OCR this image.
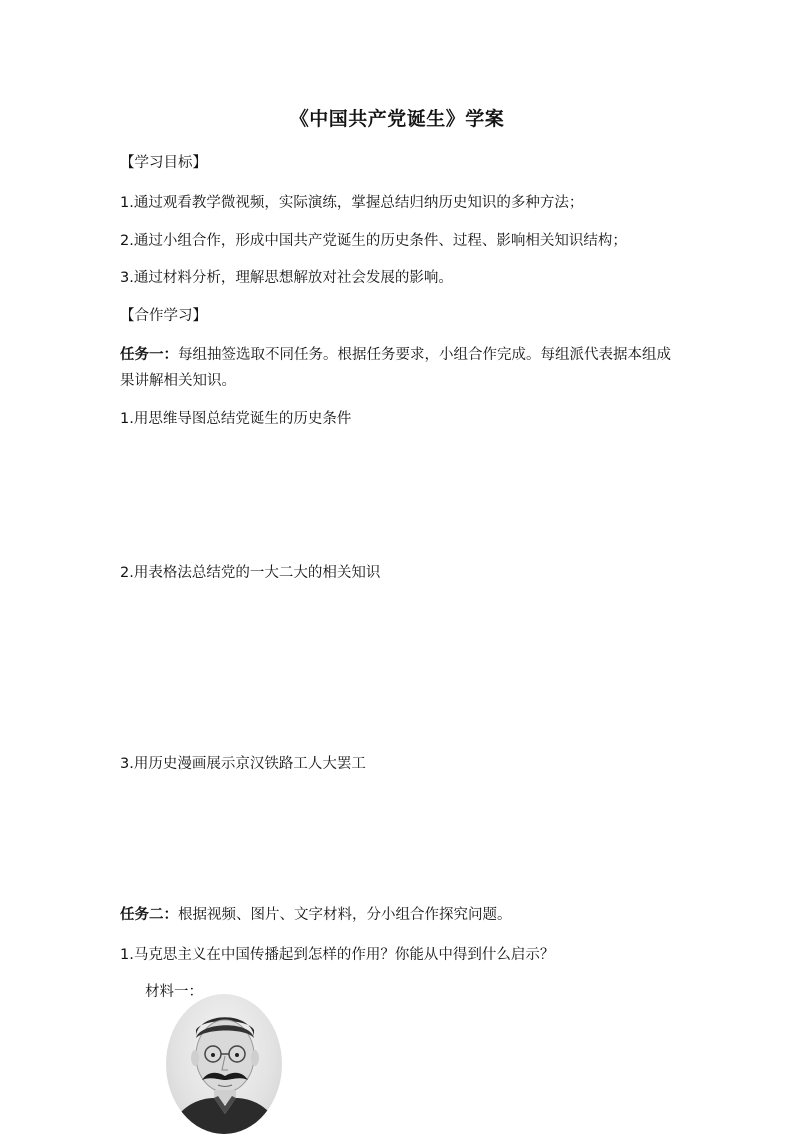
《中国共产党诞生》学案
【学习目标】
1.通过观看教学微视频，实际演练，掌握总结归纳历史知识的多种方法；
2.通过小组合作，形成中国共产党诞生的历史条件、过程、影响相关知识结构；
3.通过材料分析，理解思想解放对社会发展的影响。
【合作学习】
任务一：每组抽签选取不同任务。根据任务要求，小组合作完成。每组派代表据本组成果讲解相关知识。
1.用思维导图总结党诞生的历史条件
2.用表格法总结党的一大二大的相关知识
3.用历史漫画展示京汉铁路工人大罢工
任务二：根据视频、图片、文字材料，分小组合作探究问题。
1.马克思主义在中国传播起到怎样的作用？你能从中得到什么启示？
材料一：
